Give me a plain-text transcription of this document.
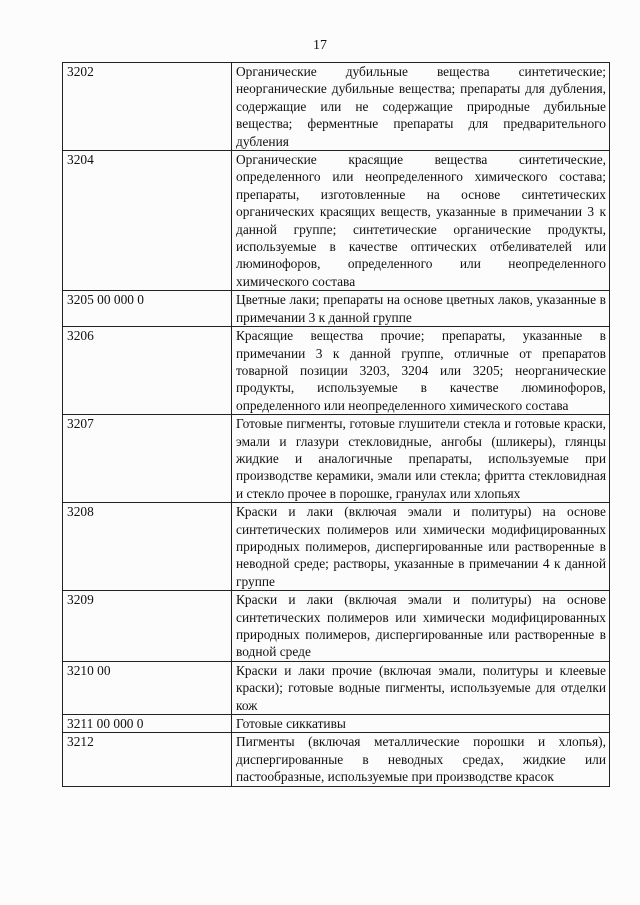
17
3202	Органические дубильные вещества синтетические; неорганические дубильные вещества; препараты для дубления, содержащие или не содержащие природные дубильные вещества; ферментные препараты для предварительного дубления
3204	Органические красящие вещества синтетические, определенного или неопределенного химического состава; препараты, изготовленные на основе синтетических органических красящих веществ, указанные в примечании 3 к данной группе; синтетические органические продукты, используемые в качестве оптических отбеливателей или люминофоров, определенного или неопределенного химического состава
3205 00 000 0	Цветные лаки; препараты на основе цветных лаков, указанные в примечании 3 к данной группе
3206	Красящие вещества прочие; препараты, указанные в примечании 3 к данной группе, отличные от препаратов товарной позиции 3203, 3204 или 3205; неорганические продукты, используемые в качестве люминофоров, определенного или неопределенного химического состава
3207	Готовые пигменты, готовые глушители стекла и готовые краски, эмали и глазури стекловидные, ангобы (шликеры), глянцы жидкие и аналогичные препараты, используемые при производстве керамики, эмали или стекла; фритта стекловидная и стекло прочее в порошке, гранулах или хлопьях
3208	Краски и лаки (включая эмали и политуры) на основе синтетических полимеров или химически модифицированных природных полимеров, диспергированные или растворенные в неводной среде; растворы, указанные в примечании 4 к данной группе
3209	Краски и лаки (включая эмали и политуры) на основе синтетических полимеров или химически модифицированных природных полимеров, диспергированные или растворенные в водной среде
3210 00	Краски и лаки прочие (включая эмали, политуры и клеевые краски); готовые водные пигменты, используемые для отделки кож
3211 00 000 0	Готовые сиккативы
3212	Пигменты (включая металлические порошки и хлопья), диспергированные в неводных средах, жидкие или пастообразные, используемые при производстве красок
